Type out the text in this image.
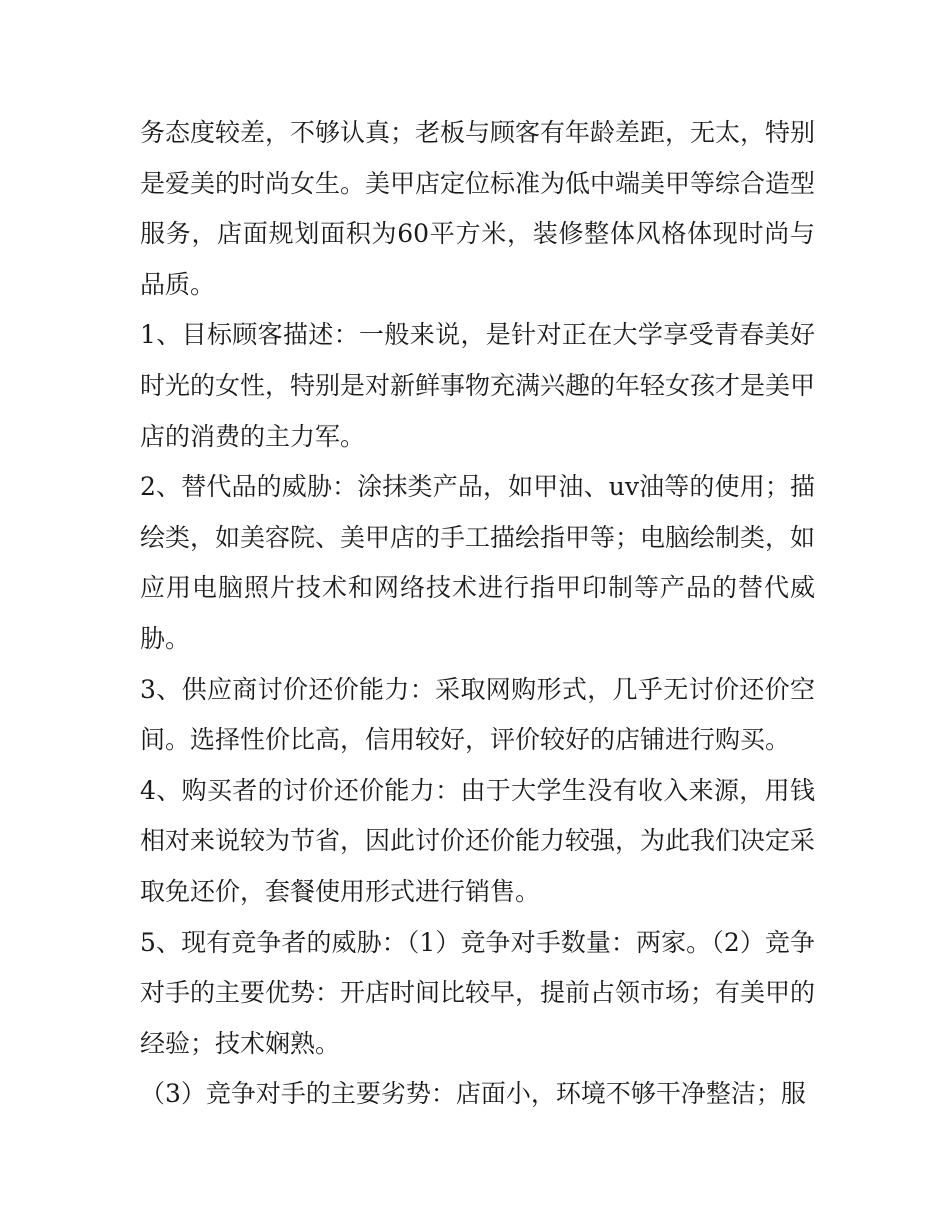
务态度较差，不够认真；老板与顾客有年龄差距，无太，特别是爱美的时尚女生。美甲店定位标准为低中端美甲等综合造型服务，店面规划面积为60平方米，装修整体风格体现时尚与品质。

1、目标顾客描述：一般来说，是针对正在大学享受青春美好时光的女性，特别是对新鲜事物充满兴趣的年轻女孩才是美甲店的消费的主力军。

2、替代品的威胁：涂抹类产品，如甲油、uv油等的使用；描绘类，如美容院、美甲店的手工描绘指甲等；电脑绘制类，如应用电脑照片技术和网络技术进行指甲印制等产品的替代威胁。

3、供应商讨价还价能力：采取网购形式，几乎无讨价还价空间。选择性价比高，信用较好，评价较好的店铺进行购买。

4、购买者的讨价还价能力：由于大学生没有收入来源，用钱相对来说较为节省，因此讨价还价能力较强，为此我们决定采取免还价，套餐使用形式进行销售。

5、现有竞争者的威胁：（1）竞争对手数量：两家。（2）竞争对手的主要优势：开店时间比较早，提前占领市场；有美甲的经验；技术娴熟。

（3）竞争对手的主要劣势：店面小，环境不够干净整洁；服
